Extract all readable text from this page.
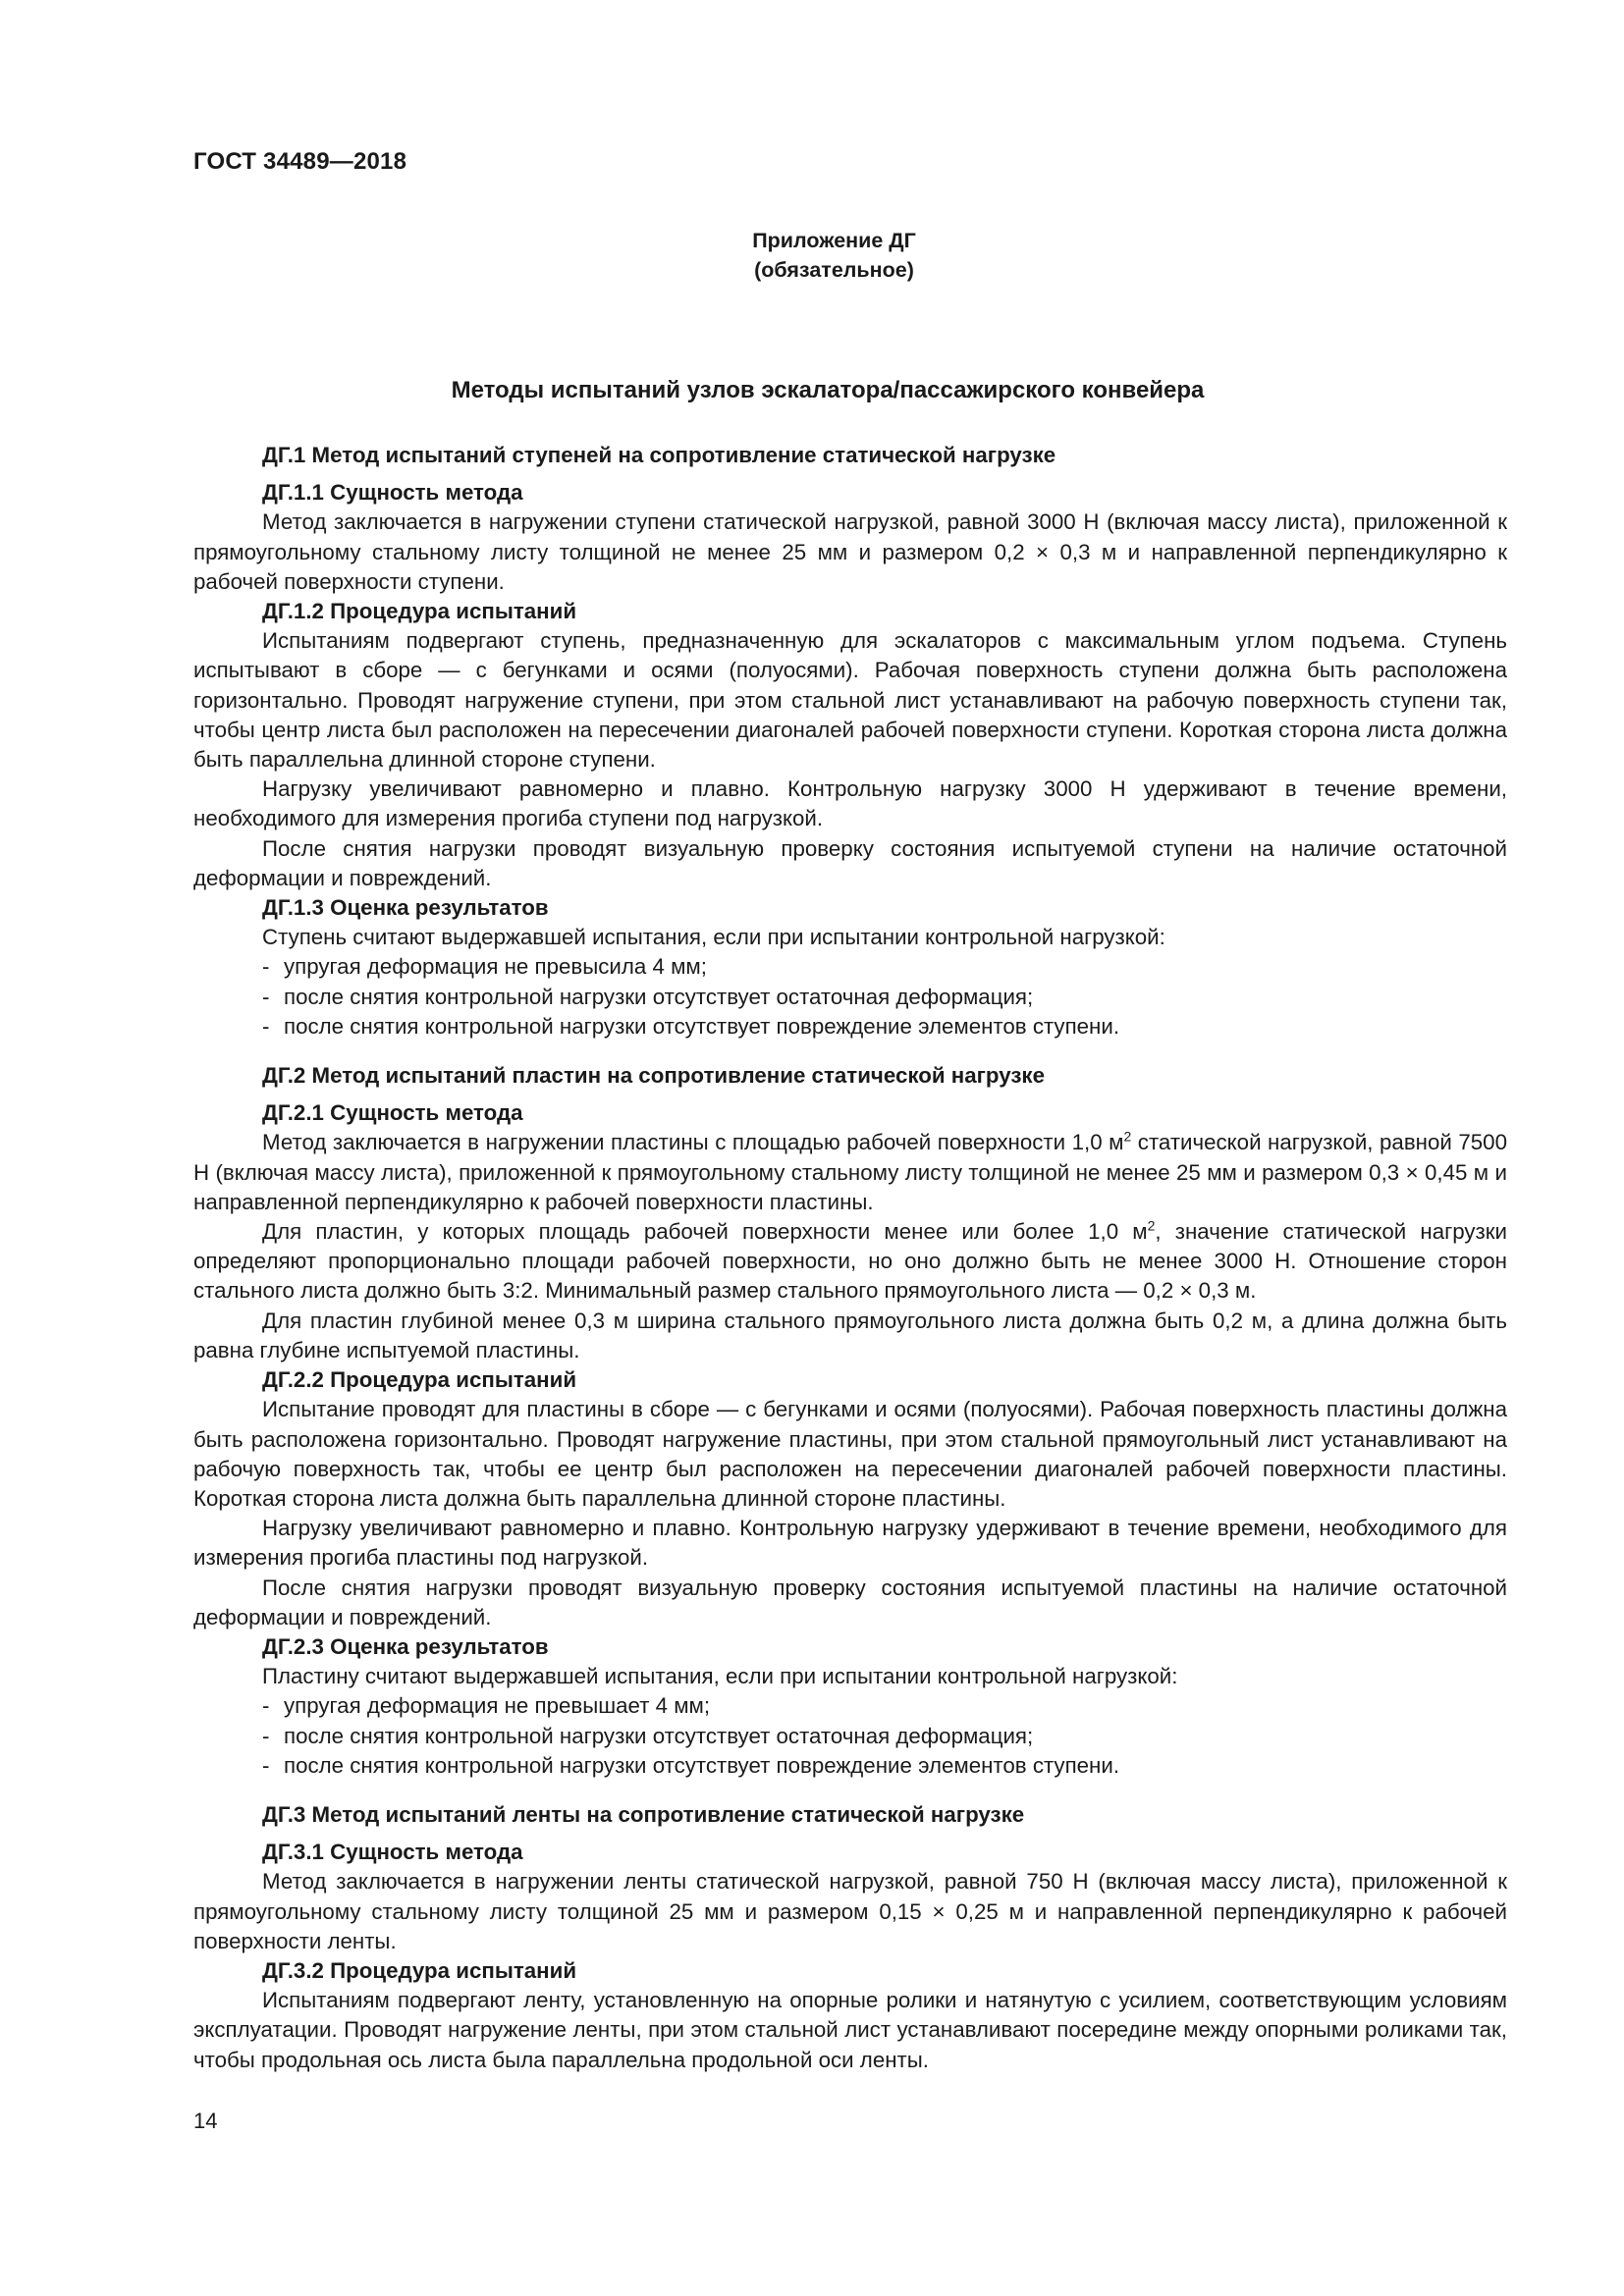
ГОСТ 34489—2018
Приложение ДГ
(обязательное)
Методы испытаний узлов эскалатора/пассажирского конвейера

ДГ.1 Метод испытаний ступеней на сопротивление статической нагрузке

ДГ.1.1 Сущность метода

Метод заключается в нагружении ступени статической нагрузкой, равной 3000 Н (включая массу листа), приложенной к прямоугольному стальному листу толщиной не менее 25 мм и размером 0,2 × 0,3 м и направленной перпендикулярно к рабочей поверхности ступени.

ДГ.1.2 Процедура испытаний

Испытаниям подвергают ступень, предназначенную для эскалаторов с максимальным углом подъема. Ступень испытывают в сборе — с бегунками и осями (полуосями). Рабочая поверхность ступени должна быть расположена горизонтально. Проводят нагружение ступени, при этом стальной лист устанавливают на рабочую поверхность ступени так, чтобы центр листа был расположен на пересечении диагоналей рабочей поверхности ступени. Короткая сторона листа должна быть параллельна длинной стороне ступени.

Нагрузку увеличивают равномерно и плавно. Контрольную нагрузку 3000 Н удерживают в течение времени, необходимого для измерения прогиба ступени под нагрузкой.

После снятия нагрузки проводят визуальную проверку состояния испытуемой ступени на наличие остаточной деформации и повреждений.

ДГ.1.3 Оценка результатов

Ступень считают выдержавшей испытания, если при испытании контрольной нагрузкой:

- упругая деформация не превысила 4 мм;

- после снятия контрольной нагрузки отсутствует остаточная деформация;

- после снятия контрольной нагрузки отсутствует повреждение элементов ступени.

ДГ.2 Метод испытаний пластин на сопротивление статической нагрузке

ДГ.2.1 Сущность метода

Метод заключается в нагружении пластины с площадью рабочей поверхности 1,0 $м^2$ статической нагрузкой, равной 7500 Н (включая массу листа), приложенной к прямоугольному стальному листу толщиной не менее 25 мм и размером 0,3 × 0,45 м и направленной перпендикулярно к рабочей поверхности пластины.

Для пластин, у которых площадь рабочей поверхности менее или более 1,0 $м^2$, значение статической нагрузки определяют пропорционально площади рабочей поверхности, но оно должно быть не менее 3000 Н. Отношение сторон стального листа должно быть 3:2. Минимальный размер стального прямоугольного листа — 0,2 × 0,3 м.

Для пластин глубиной менее 0,3 м ширина стального прямоугольного листа должна быть 0,2 м, а длина должна быть равна глубине испытуемой пластины.

ДГ.2.2 Процедура испытаний

Испытание проводят для пластины в сборе — с бегунками и осями (полуосями). Рабочая поверхность пластины должна быть расположена горизонтально. Проводят нагружение пластины, при этом стальной прямоугольный лист устанавливают на рабочую поверхность так, чтобы ее центр был расположен на пересечении диагоналей рабочей поверхности пластины. Короткая сторона листа должна быть параллельна длинной стороне пластины.

Нагрузку увеличивают равномерно и плавно. Контрольную нагрузку удерживают в течение времени, необходимого для измерения прогиба пластины под нагрузкой.

После снятия нагрузки проводят визуальную проверку состояния испытуемой пластины на наличие остаточной деформации и повреждений.

ДГ.2.3 Оценка результатов

Пластину считают выдержавшей испытания, если при испытании контрольной нагрузкой:

- упругая деформация не превышает 4 мм;

- после снятия контрольной нагрузки отсутствует остаточная деформация;

- после снятия контрольной нагрузки отсутствует повреждение элементов ступени.

ДГ.3 Метод испытаний ленты на сопротивление статической нагрузке

ДГ.3.1 Сущность метода

Метод заключается в нагружении ленты статической нагрузкой, равной 750 Н (включая массу листа), приложенной к прямоугольному стальному листу толщиной 25 мм и размером 0,15 × 0,25 м и направленной перпендикулярно к рабочей поверхности ленты.

ДГ.3.2 Процедура испытаний

Испытаниям подвергают ленту, установленную на опорные ролики и натянутую с усилием, соответствующим условиям эксплуатации. Проводят нагружение ленты, при этом стальной лист устанавливают посередине между опорными роликами так, чтобы продольная ось листа была параллельна продольной оси ленты.

14
